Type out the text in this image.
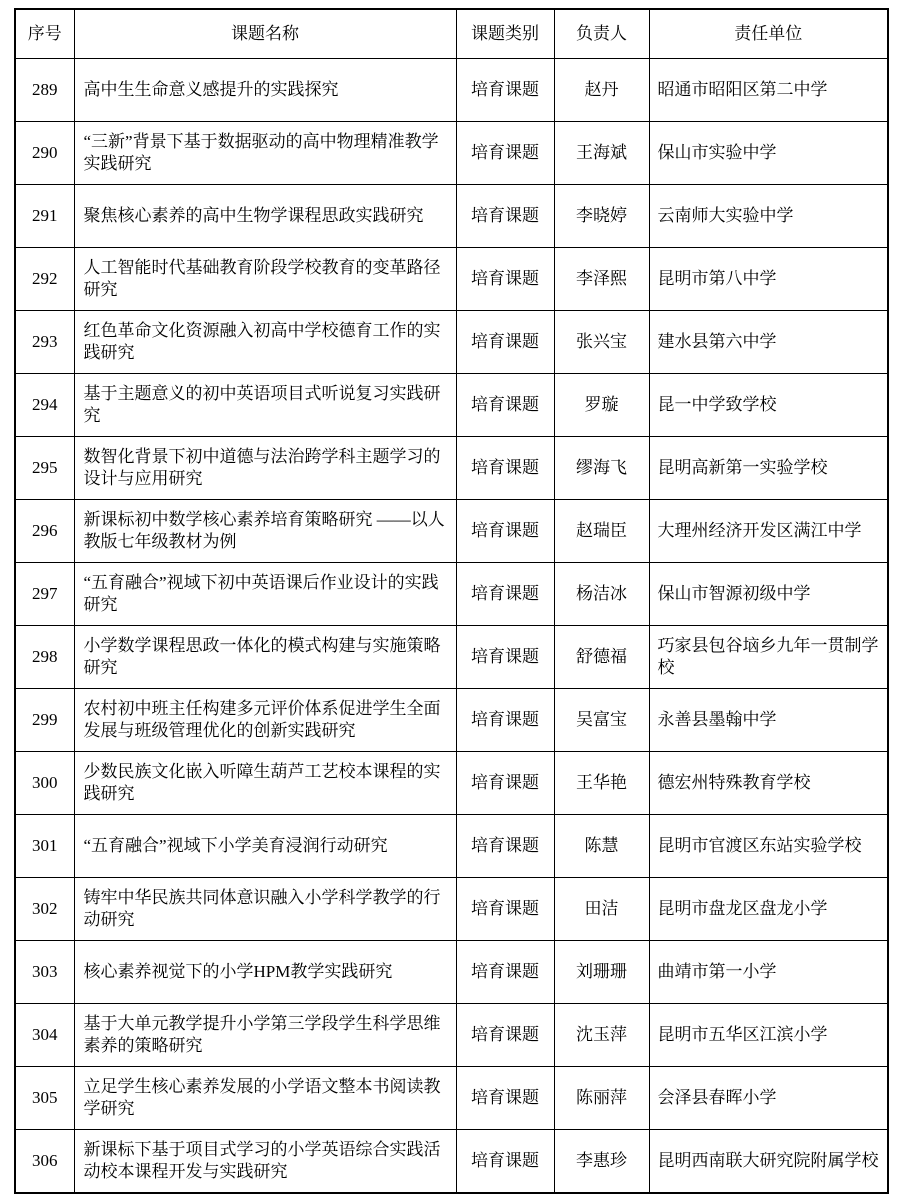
序号	课题名称	课题类别	负责人	责任单位

289	高中生生命意义感提升的实践探究	培育课题	赵丹	昭通市昭阳区第二中学

290	“三新”背景下基于数据驱动的高中物理精准教学实践研究	培育课题	王海斌	保山市实验中学

291	聚焦核心素养的高中生物学课程思政实践研究	培育课题	李晓婷	云南师大实验中学

292	人工智能时代基础教育阶段学校教育的变革路径研究	培育课题	李泽熙	昆明市第八中学

293	红色革命文化资源融入初高中学校德育工作的实践研究	培育课题	张兴宝	建水县第六中学

294	基于主题意义的初中英语项目式听说复习实践研究	培育课题	罗璇	昆一中学致学校

295	数智化背景下初中道德与法治跨学科主题学习的设计与应用研究	培育课题	缪海飞	昆明高新第一实验学校

296	新课标初中数学核心素养培育策略研究 ——以人教版七年级教材为例	培育课题	赵瑞臣	大理州经济开发区满江中学

297	“五育融合”视域下初中英语课后作业设计的实践研究	培育课题	杨洁冰	保山市智源初级中学

298	小学数学课程思政一体化的模式构建与实施策略研究	培育课题	舒德福	巧家县包谷垴乡九年一贯制学校

299	农村初中班主任构建多元评价体系促进学生全面发展与班级管理优化的创新实践研究	培育课题	吴富宝	永善县墨翰中学

300	少数民族文化嵌入听障生葫芦工艺校本课程的实践研究	培育课题	王华艳	德宏州特殊教育学校

301	“五育融合”视域下小学美育浸润行动研究	培育课题	陈慧	昆明市官渡区东站实验学校

302	铸牢中华民族共同体意识融入小学科学教学的行动研究	培育课题	田洁	昆明市盘龙区盘龙小学

303	核心素养视觉下的小学HPM教学实践研究	培育课题	刘珊珊	曲靖市第一小学

304	基于大单元教学提升小学第三学段学生科学思维素养的策略研究	培育课题	沈玉萍	昆明市五华区江滨小学

305	立足学生核心素养发展的小学语文整本书阅读教学研究	培育课题	陈丽萍	会泽县春晖小学

306	新课标下基于项目式学习的小学英语综合实践活动校本课程开发与实践研究	培育课题	李惠珍	昆明西南联大研究院附属学校
